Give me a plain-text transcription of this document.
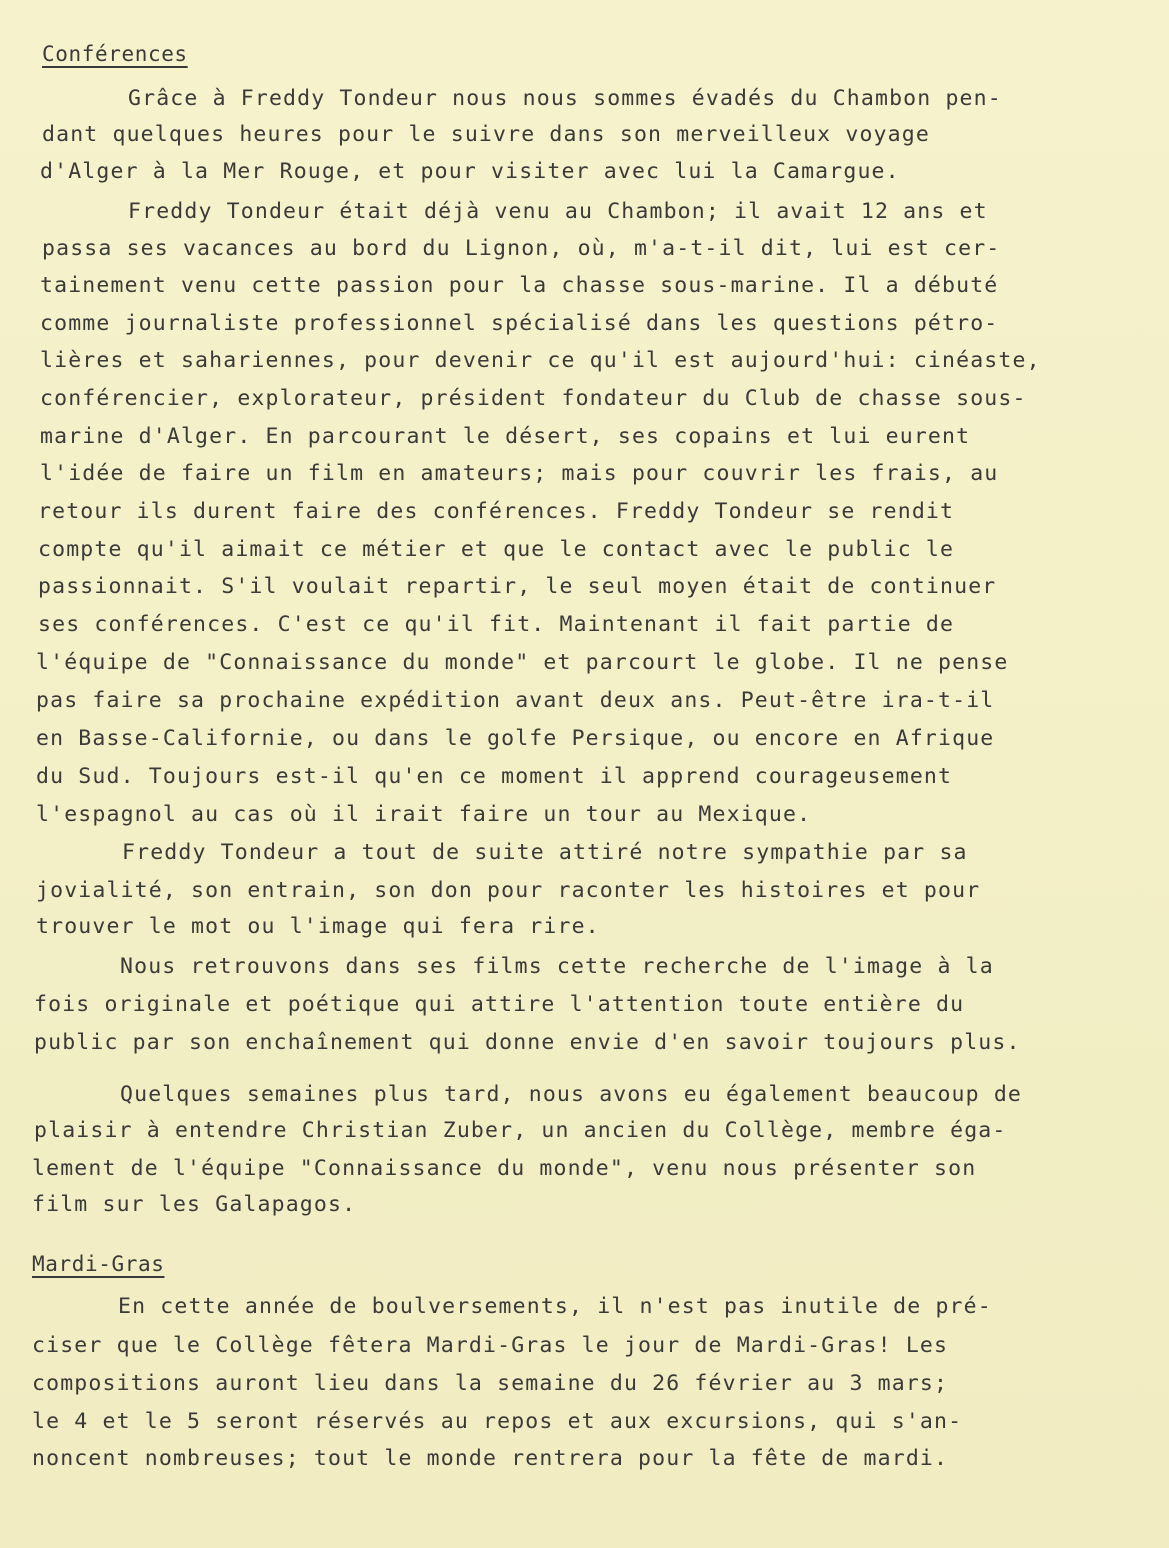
Conférences
Grâce à Freddy Tondeur nous nous sommes évadés du Chambon pen-
dant quelques heures pour le suivre dans son merveilleux voyage
d'Alger à la Mer Rouge, et pour visiter avec lui la Camargue.
Freddy Tondeur était déjà venu au Chambon; il avait 12 ans et
passa ses vacances au bord du Lignon, où, m'a-t-il dit, lui est cer-
tainement venu cette passion pour la chasse sous-marine. Il a débuté
comme journaliste professionnel spécialisé dans les questions pétro-
lières et sahariennes, pour devenir ce qu'il est aujourd'hui: cinéaste,
conférencier, explorateur, président fondateur du Club de chasse sous-
marine d'Alger. En parcourant le désert, ses copains et lui eurent
l'idée de faire un film en amateurs; mais pour couvrir les frais, au
retour ils durent faire des conférences. Freddy Tondeur se rendit
compte qu'il aimait ce métier et que le contact avec le public le
passionnait. S'il voulait repartir, le seul moyen était de continuer
ses conférences. C'est ce qu'il fit. Maintenant il fait partie de
l'équipe de "Connaissance du monde" et parcourt le globe. Il ne pense
pas faire sa prochaine expédition avant deux ans. Peut-être ira-t-il
en Basse-Californie, ou dans le golfe Persique, ou encore en Afrique
du Sud. Toujours est-il qu'en ce moment il apprend courageusement
l'espagnol au cas où il irait faire un tour au Mexique.
Freddy Tondeur a tout de suite attiré notre sympathie par sa
jovialité, son entrain, son don pour raconter les histoires et pour
trouver le mot ou l'image qui fera rire.
Nous retrouvons dans ses films cette recherche de l'image à la
fois originale et poétique qui attire l'attention toute entière du
public par son enchaînement qui donne envie d'en savoir toujours plus.
Quelques semaines plus tard, nous avons eu également beaucoup de
plaisir à entendre Christian Zuber, un ancien du Collège, membre éga-
lement de l'équipe "Connaissance du monde", venu nous présenter son
film sur les Galapagos.
Mardi-Gras
En cette année de boulversements, il n'est pas inutile de pré-
ciser que le Collège fêtera Mardi-Gras le jour de Mardi-Gras! Les
compositions auront lieu dans la semaine du 26 février au 3 mars;
le 4 et le 5 seront réservés au repos et aux excursions, qui s'an-
noncent nombreuses; tout le monde rentrera pour la fête de mardi.
